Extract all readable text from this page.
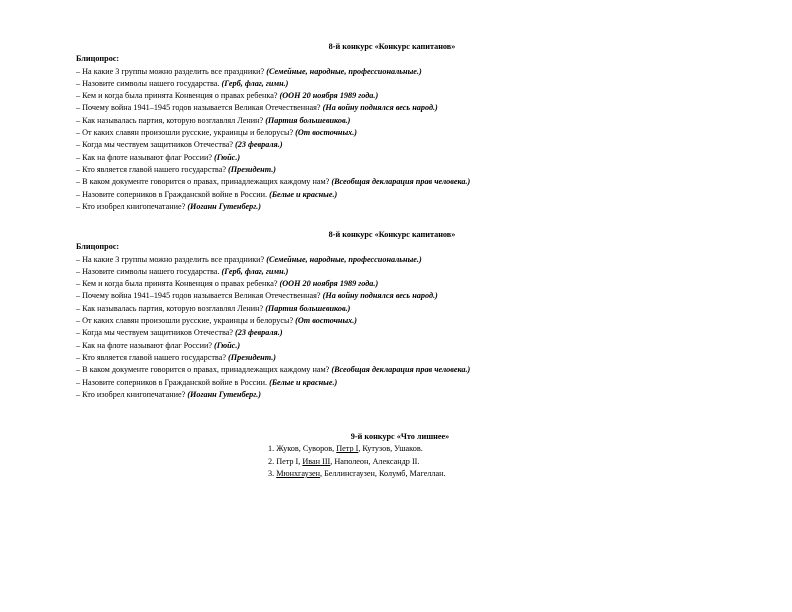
8-й конкурс «Конкурс капитанов»
Блицопрос:
– На какие 3 группы можно разделить все праздники? (Семейные, народные, профессиональные.)
– Назовите символы нашего государства. (Герб, флаг, гимн.)
– Кем и когда была принята Конвенция о правах ребенка? (ООН 20 ноября 1989 года.)
– Почему война 1941–1945 годов называется Великая Отечественная? (На войну поднялся весь народ.)
– Как называлась партия, которую возглавлял Ленин? (Партия большевиков.)
– От каких славян произошли русские, украинцы и белорусы? (От восточных.)
– Когда мы чествуем защитников Отечества? (23 февраля.)
– Как на флоте называют флаг России? (Гюйс.)
– Кто является главой нашего государства? (Президент.)
– В каком документе говорится о правах, принадлежащих каждому нам? (Всеобщая декларация прав человека.)
– Назовите соперников в Гражданской войне в России. (Белые и красные.)
– Кто изобрел книгопечатание? (Иоганн Гутенберг.)
8-й конкурс «Конкурс капитанов»
Блицопрос:
– На какие 3 группы можно разделить все праздники? (Семейные, народные, профессиональные.)
– Назовите символы нашего государства. (Герб, флаг, гимн.)
– Кем и когда была принята Конвенция о правах ребенка? (ООН 20 ноября 1989 года.)
– Почему война 1941–1945 годов называется Великая Отечественная? (На войну поднялся весь народ.)
– Как называлась партия, которую возглавлял Ленин? (Партия большевиков.)
– От каких славян произошли русские, украинцы и белорусы? (От восточных.)
– Когда мы чествуем защитников Отечества? (23 февраля.)
– Как на флоте называют флаг России? (Гюйс.)
– Кто является главой нашего государства? (Президент.)
– В каком документе говорится о правах, принадлежащих каждому нам? (Всеобщая декларация прав человека.)
– Назовите соперников в Гражданской войне в России. (Белые и красные.)
– Кто изобрел книгопечатание? (Иоганн Гутенберг.)
9-й конкурс «Что лишнее»
1. Жуков, Суворов, Петр I, Кутузов, Ушаков.
2. Петр I, Иван III, Наполеон, Александр II.
3. Мюнхгаузен, Беллинсгаузен, Колумб, Магеллан.
